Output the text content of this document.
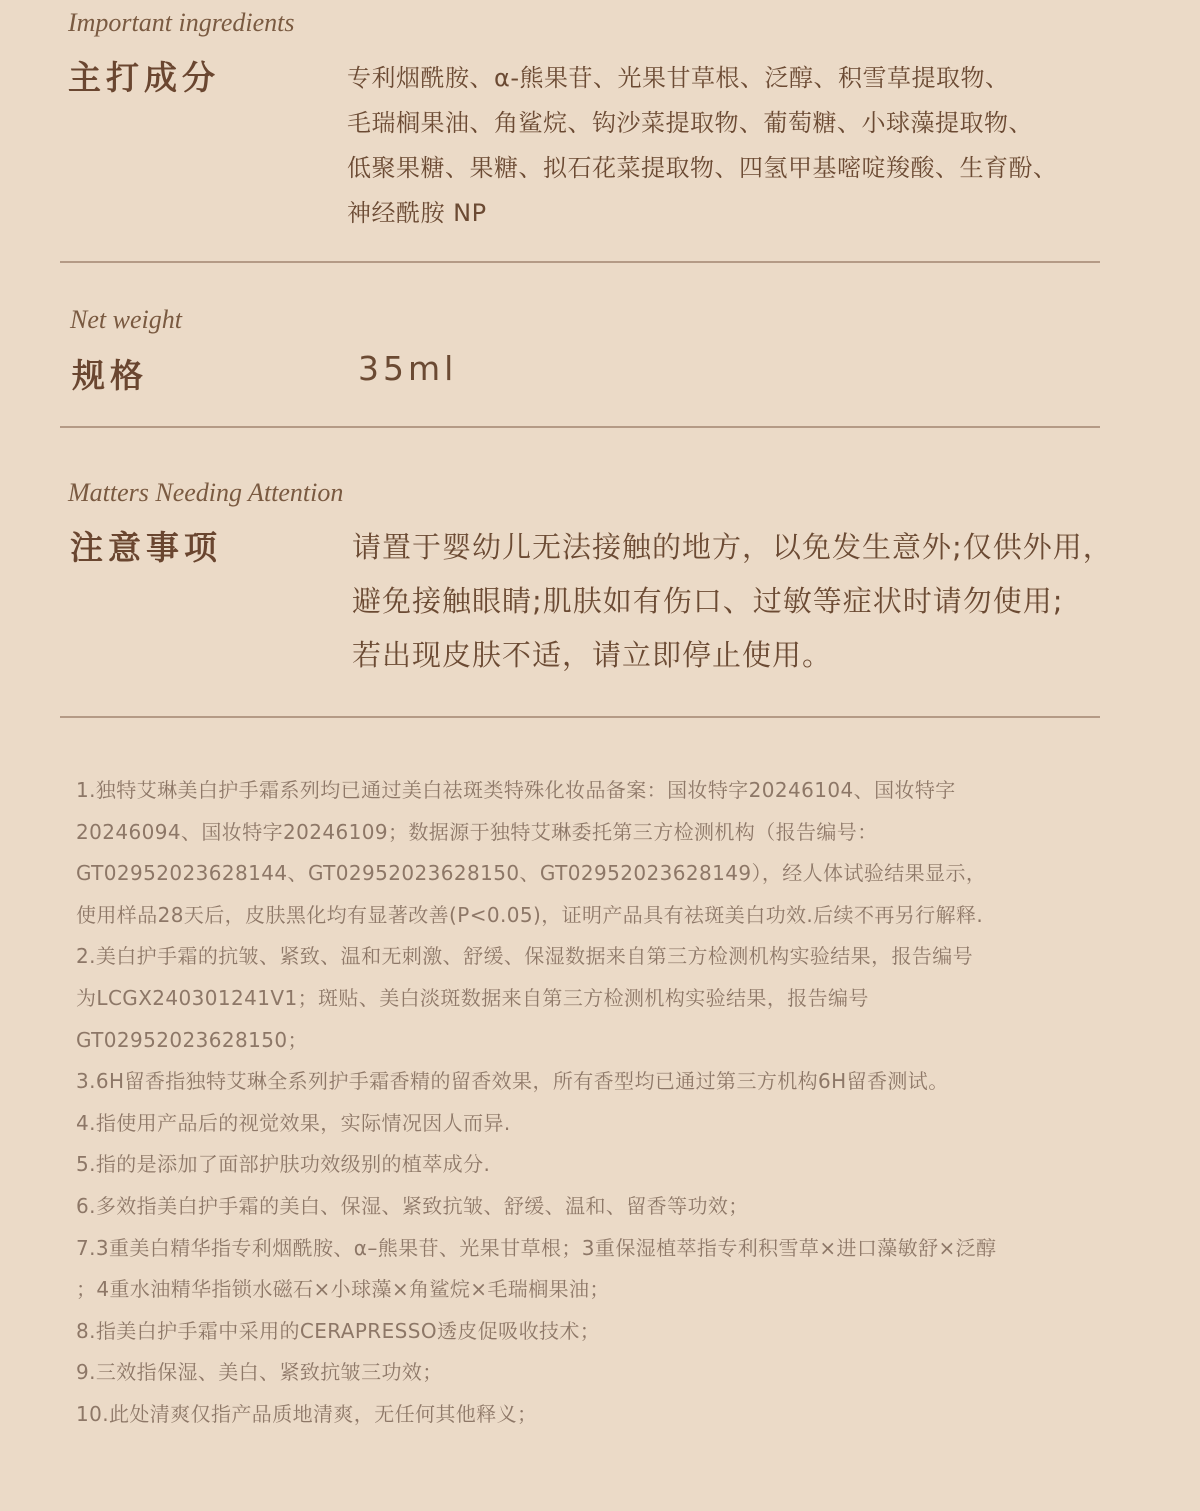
Important ingredients
主打成分	专利烟酰胺、α-熊果苷、光果甘草根、泛醇、积雪草提取物、
毛瑞榈果油、角鲨烷、钩沙菜提取物、葡萄糖、小球藻提取物、
低聚果糖、果糖、拟石花菜提取物、四氢甲基嘧啶羧酸、生育酚、
神经酰胺 NP
Net weight
规格	35ml
Matters Needing Attention
注意事项	请置于婴幼儿无法接触的地方，以免发生意外;仅供外用，
避免接触眼睛;肌肤如有伤口、过敏等症状时请勿使用;
若出现皮肤不适，请立即停止使用。

1.独特艾琳美白护手霜系列均已通过美白祛斑类特殊化妆品备案：国妆特字20246104、国妆特字

20246094、国妆特字20246109；数据源于独特艾琳委托第三方检测机构（报告编号：

GT02952023628144、GT02952023628150、GT02952023628149），经人体试验结果显示，

使用样品28天后，皮肤黑化均有显著改善(P<0.05)，证明产品具有祛斑美白功效.后续不再另行解释.

2.美白护手霜的抗皱、紧致、温和无刺激、舒缓、保湿数据来自第三方检测机构实验结果，报告编号

为LCGX240301241V1；斑贴、美白淡斑数据来自第三方检测机构实验结果，报告编号

GT02952023628150；

3.6H留香指独特艾琳全系列护手霜香精的留香效果，所有香型均已通过第三方机构6H留香测试。

4.指使用产品后的视觉效果，实际情况因人而异.

5.指的是添加了面部护肤功效级别的植萃成分.

6.多效指美白护手霜的美白、保湿、紧致抗皱、舒缓、温和、留香等功效；

7.3重美白精华指专利烟酰胺、α–熊果苷、光果甘草根；3重保湿植萃指专利积雪草×进口藻敏舒×泛醇

；4重水油精华指锁水磁石×小球藻×角鲨烷×毛瑞榈果油；

8.指美白护手霜中采用的CERAPRESSO透皮促吸收技术；

9.三效指保湿、美白、紧致抗皱三功效；

10.此处清爽仅指产品质地清爽，无任何其他释义；
